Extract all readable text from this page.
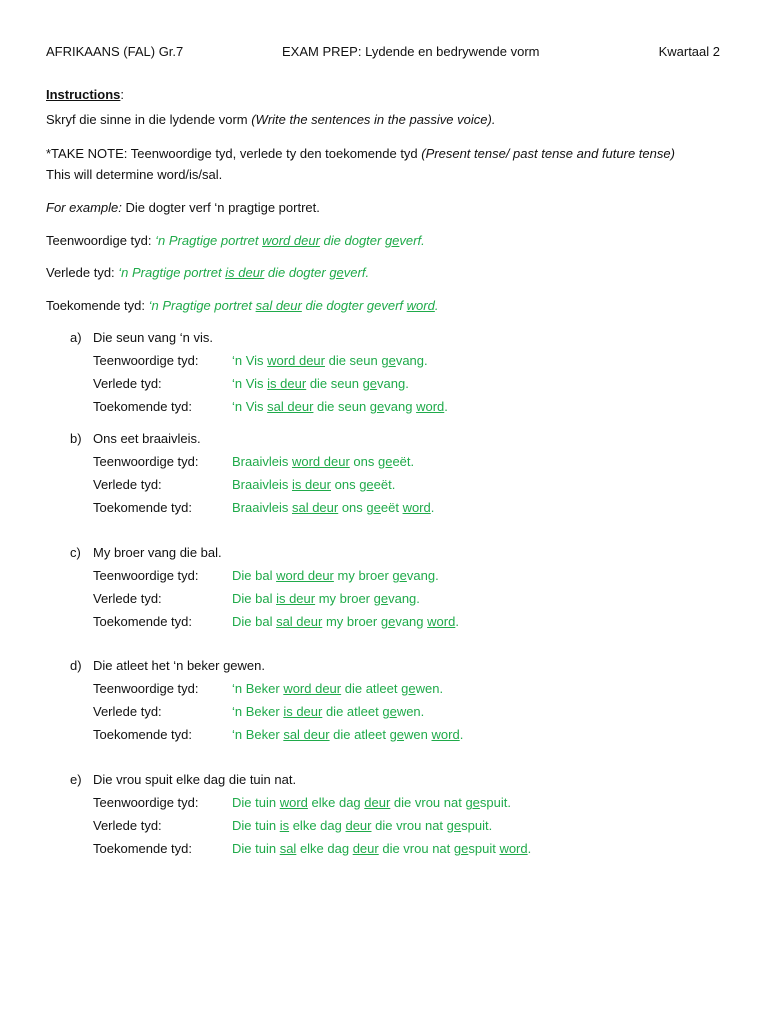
AFRIKAANS (FAL) Gr.7	EXAM PREP: Lydende en bedrywende vorm	Kwartaal 2
Instructions:
Skryf die sinne in die lydende vorm (Write the sentences in the passive voice).
*TAKE NOTE: Teenwoordige tyd, verlede ty den toekomende tyd (Present tense/ past tense and future tense)
This will determine word/is/sal.
For example: Die dogter verf ‘n pragtige portret.
Teenwoordige tyd: ‘n Pragtige portret word deur die dogter geverf.
Verlede tyd: ‘n Pragtige portret is deur die dogter geverf.
Toekomende tyd: ‘n Pragtige portret sal deur die dogter geverf word.
a) Die seun vang ‘n vis.
Teenwoordige tyd:	‘n Vis word deur die seun gevang.
Verlede tyd:	‘n Vis is deur die seun gevang.
Toekomende tyd:	‘n Vis sal deur die seun gevang word.
b) Ons eet braaivleis.
Teenwoordige tyd:	Braaivleis word deur ons geeët.
Verlede tyd:	Braaivleis is deur ons geeët.
Toekomende tyd:	Braaivleis sal deur ons geeët word.
c) My broer vang die bal.
Teenwoordige tyd:	Die bal word deur my broer gevang.
Verlede tyd:	Die bal is deur my broer gevang.
Toekomende tyd:	Die bal sal deur my broer gevang word.
d) Die atleet het ‘n beker gewen.
Teenwoordige tyd:	‘n Beker word deur die atleet gewen.
Verlede tyd:	‘n Beker is deur die atleet gewen.
Toekomende tyd:	‘n Beker sal deur die atleet gewen word.
e) Die vrou spuit elke dag die tuin nat.
Teenwoordige tyd:	Die tuin word elke dag deur die vrou nat gespuit.
Verlede tyd:	Die tuin is elke dag deur die vrou nat gespuit.
Toekomende tyd:	Die tuin sal elke dag deur die vrou nat gespuit word.
